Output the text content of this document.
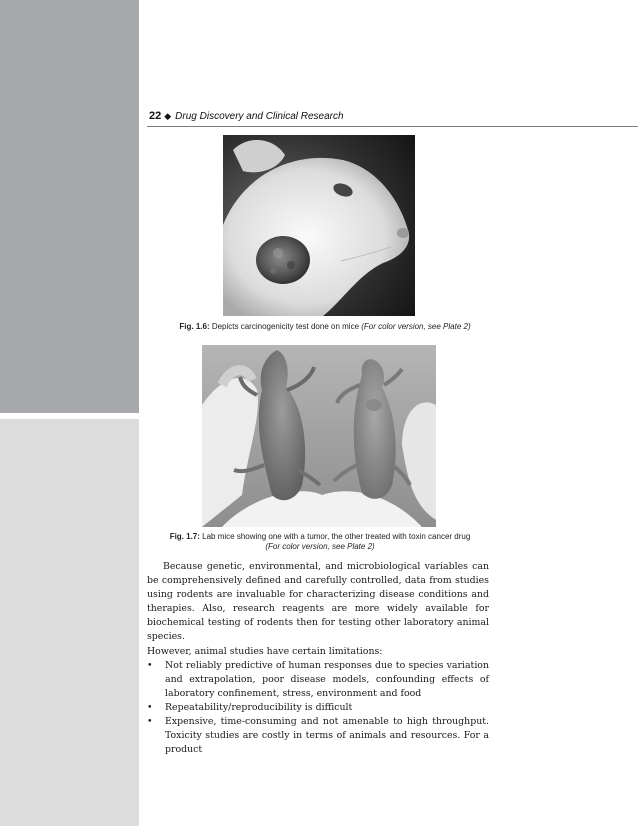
22 ◆ Drug Discovery and Clinical Research
Fig. 1.6: Depicts carcinogenicity test done on mice (For color version, see Plate 2)
Fig. 1.7: Lab mice showing one with a tumor, the other treated with toxin cancer drug
(For color version, see Plate 2)

Because genetic, environmental, and microbiological variables can be comprehensively defined and carefully controlled, data from studies using rodents are invaluable for characterizing disease conditions and therapies. Also, research reagents are more widely available for biochemical testing of rodents then for testing other laboratory animal species.

However, animal studies have certain limitations:

• Not reliably predictive of human responses due to species variation and extrapolation, poor disease models, confounding effects of laboratory confinement, stress, environment and food
• Repeatability/reproducibility is difficult
• Expensive, time-consuming and not amenable to high throughput. Toxicity studies are costly in terms of animals and resources. For a product
